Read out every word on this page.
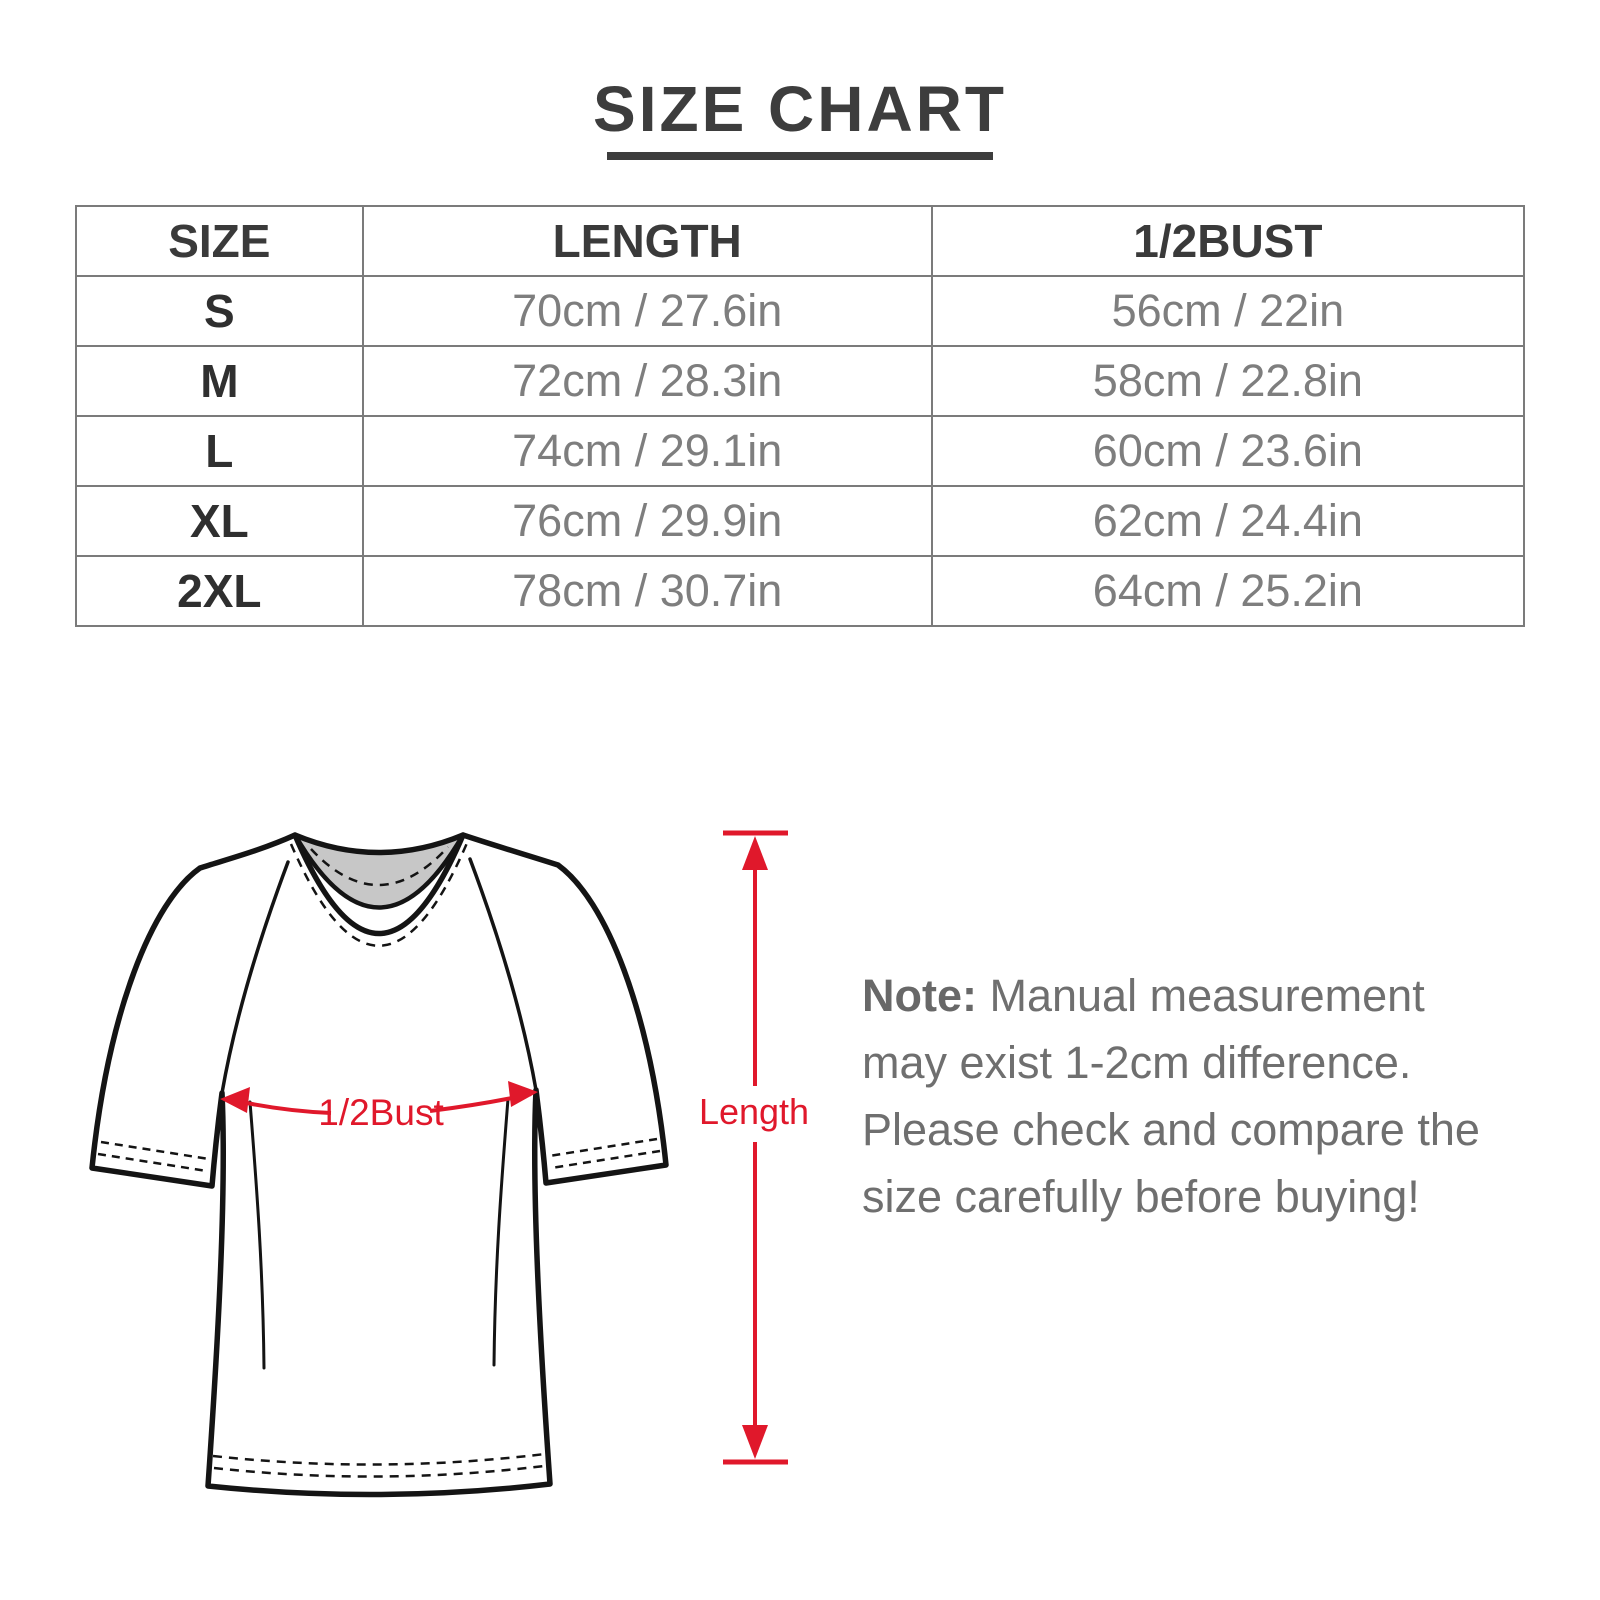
SIZE CHART
SIZE	LENGTH	1/2BUST
S	70cm / 27.6in	56cm / 22in
M	72cm / 28.3in	58cm / 22.8in
L	74cm / 29.1in	60cm / 23.6in
XL	76cm / 29.9in	62cm / 24.4in
2XL	78cm / 30.7in	64cm / 25.2in
1/2Bust	Length

Note: Manual measurement may exist 1-2cm difference. Please check and compare the size carefully before buying!
